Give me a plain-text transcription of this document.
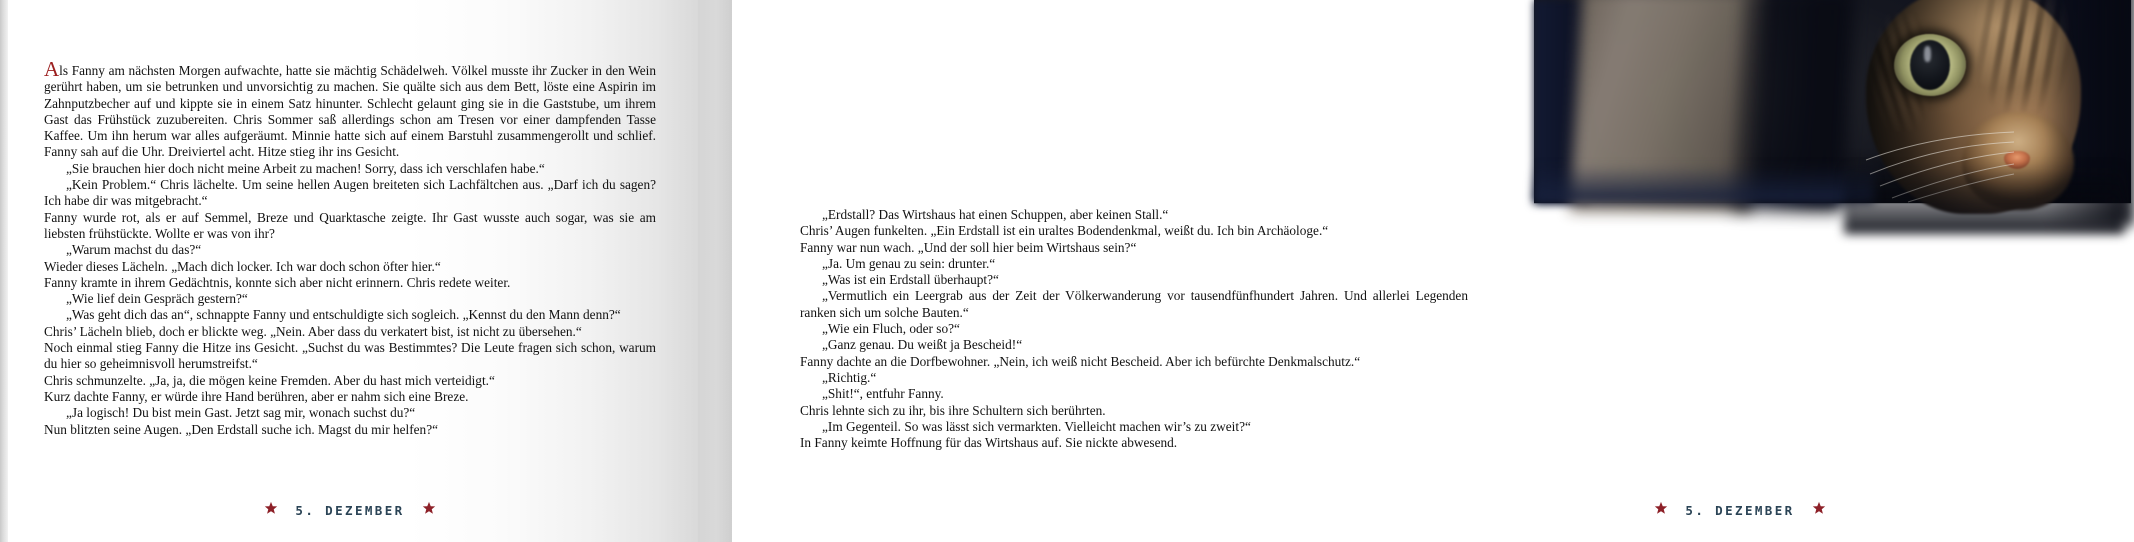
Als Fanny am nächsten Morgen aufwachte, hatte sie mächtig Schädelweh. Völkel musste ihr Zucker in den Wein gerührt haben, um sie betrunken und unvorsichtig zu machen. Sie quälte sich aus dem Bett, löste eine Aspirin im Zahnputzbecher auf und kippte sie in einem Satz hinunter. Schlecht gelaunt ging sie in die Gaststube, um ihrem Gast das Frühstück zuzubereiten. Chris Sommer saß allerdings schon am Tresen vor einer dampfenden Tasse Kaffee. Um ihn herum war alles aufgeräumt. Minnie hatte sich auf einem Barstuhl zusammengerollt und schlief. Fanny sah auf die Uhr. Dreiviertel acht. Hitze stieg ihr ins Gesicht.

„Sie brauchen hier doch nicht meine Arbeit zu machen! Sorry, dass ich verschlafen habe.“

„Kein Problem.“ Chris lächelte. Um seine hellen Augen breiteten sich Lachfältchen aus. „Darf ich du sagen? Ich habe dir was mitgebracht.“

Fanny wurde rot, als er auf Semmel, Breze und Quarktasche zeigte. Ihr Gast wusste auch sogar, was sie am liebsten frühstückte. Wollte er was von ihr?

„Warum machst du das?“

Wieder dieses Lächeln. „Mach dich locker. Ich war doch schon öfter hier.“

Fanny kramte in ihrem Gedächtnis, konnte sich aber nicht erinnern. Chris redete weiter.

„Wie lief dein Gespräch gestern?“

„Was geht dich das an“, schnappte Fanny und entschuldigte sich sogleich. „Kennst du den Mann denn?“

Chris’ Lächeln blieb, doch er blickte weg. „Nein. Aber dass du verkatert bist, ist nicht zu übersehen.“

Noch einmal stieg Fanny die Hitze ins Gesicht. „Suchst du was Bestimmtes? Die Leute fragen sich schon, warum du hier so geheimnisvoll herumstreifst.“

Chris schmunzelte. „Ja, ja, die mögen keine Fremden. Aber du hast mich verteidigt.“

Kurz dachte Fanny, er würde ihre Hand berühren, aber er nahm sich eine Breze.

„Ja logisch! Du bist mein Gast. Jetzt sag mir, wonach suchst du?“

Nun blitzten seine Augen. „Den Erdstall suche ich. Magst du mir helfen?“

5. DEZEMBER

„Erdstall? Das Wirtshaus hat einen Schuppen, aber keinen Stall.“

Chris’ Augen funkelten. „Ein Erdstall ist ein uraltes Bodendenkmal, weißt du. Ich bin Archäologe.“

Fanny war nun wach. „Und der soll hier beim Wirtshaus sein?“

„Ja. Um genau zu sein: drunter.“

„Was ist ein Erdstall überhaupt?“

„Vermutlich ein Leergrab aus der Zeit der Völkerwanderung vor tausendfünfhundert Jahren. Und allerlei Legenden ranken sich um solche Bauten.“

„Wie ein Fluch, oder so?“

„Ganz genau. Du weißt ja Bescheid!“

Fanny dachte an die Dorfbewohner. „Nein, ich weiß nicht Bescheid. Aber ich befürchte Denkmalschutz.“

„Richtig.“

„Shit!“, entfuhr Fanny.

Chris lehnte sich zu ihr, bis ihre Schultern sich berührten.

„Im Gegenteil. So was lässt sich vermarkten. Vielleicht machen wir’s zu zweit?“

In Fanny keimte Hoffnung für das Wirtshaus auf. Sie nickte abwesend.

5. DEZEMBER
